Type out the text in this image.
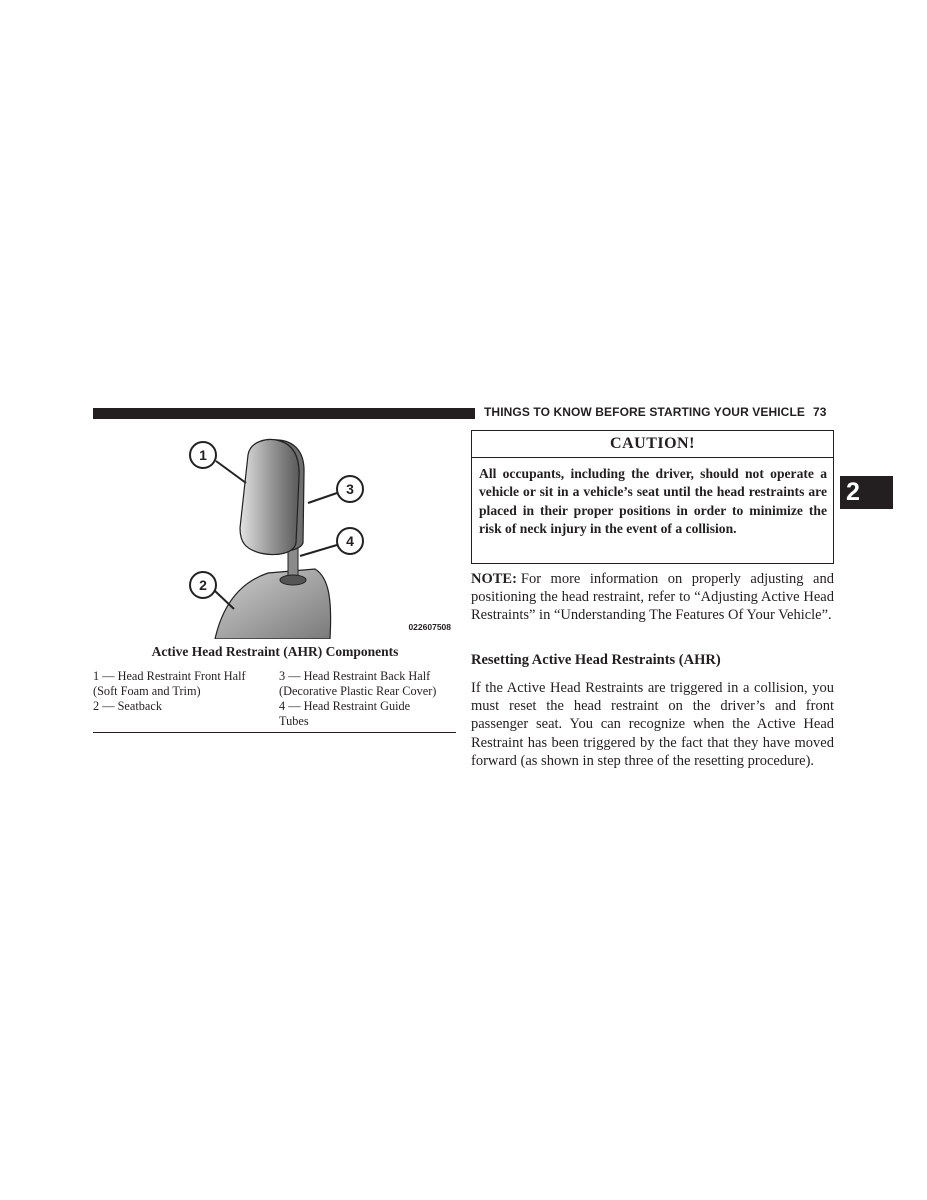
THINGS TO KNOW BEFORE STARTING YOUR VEHICLE 73
2
1
2
3
4
022607508
Active Head Restraint (AHR) Components
1 — Head Restraint Front Half
(Soft Foam and Trim)
2 — Seatback
3 — Head Restraint Back Half
(Decorative Plastic Rear Cover)
4 — Head Restraint Guide
Tubes
CAUTION!
All occupants, including the driver, should not operate a vehicle or sit in a vehicle’s seat until the head restraints are placed in their proper positions in order to minimize the risk of neck injury in the event of a collision.
NOTE: For more information on properly adjusting and positioning the head restraint, refer to “Adjusting Active Head Restraints” in “Understanding The Features Of Your Vehicle”.
Resetting Active Head Restraints (AHR)
If the Active Head Restraints are triggered in a collision, you must reset the head restraint on the driver’s and front passenger seat. You can recognize when the Active Head Restraint has been triggered by the fact that they have moved forward (as shown in step three of the resetting procedure).
